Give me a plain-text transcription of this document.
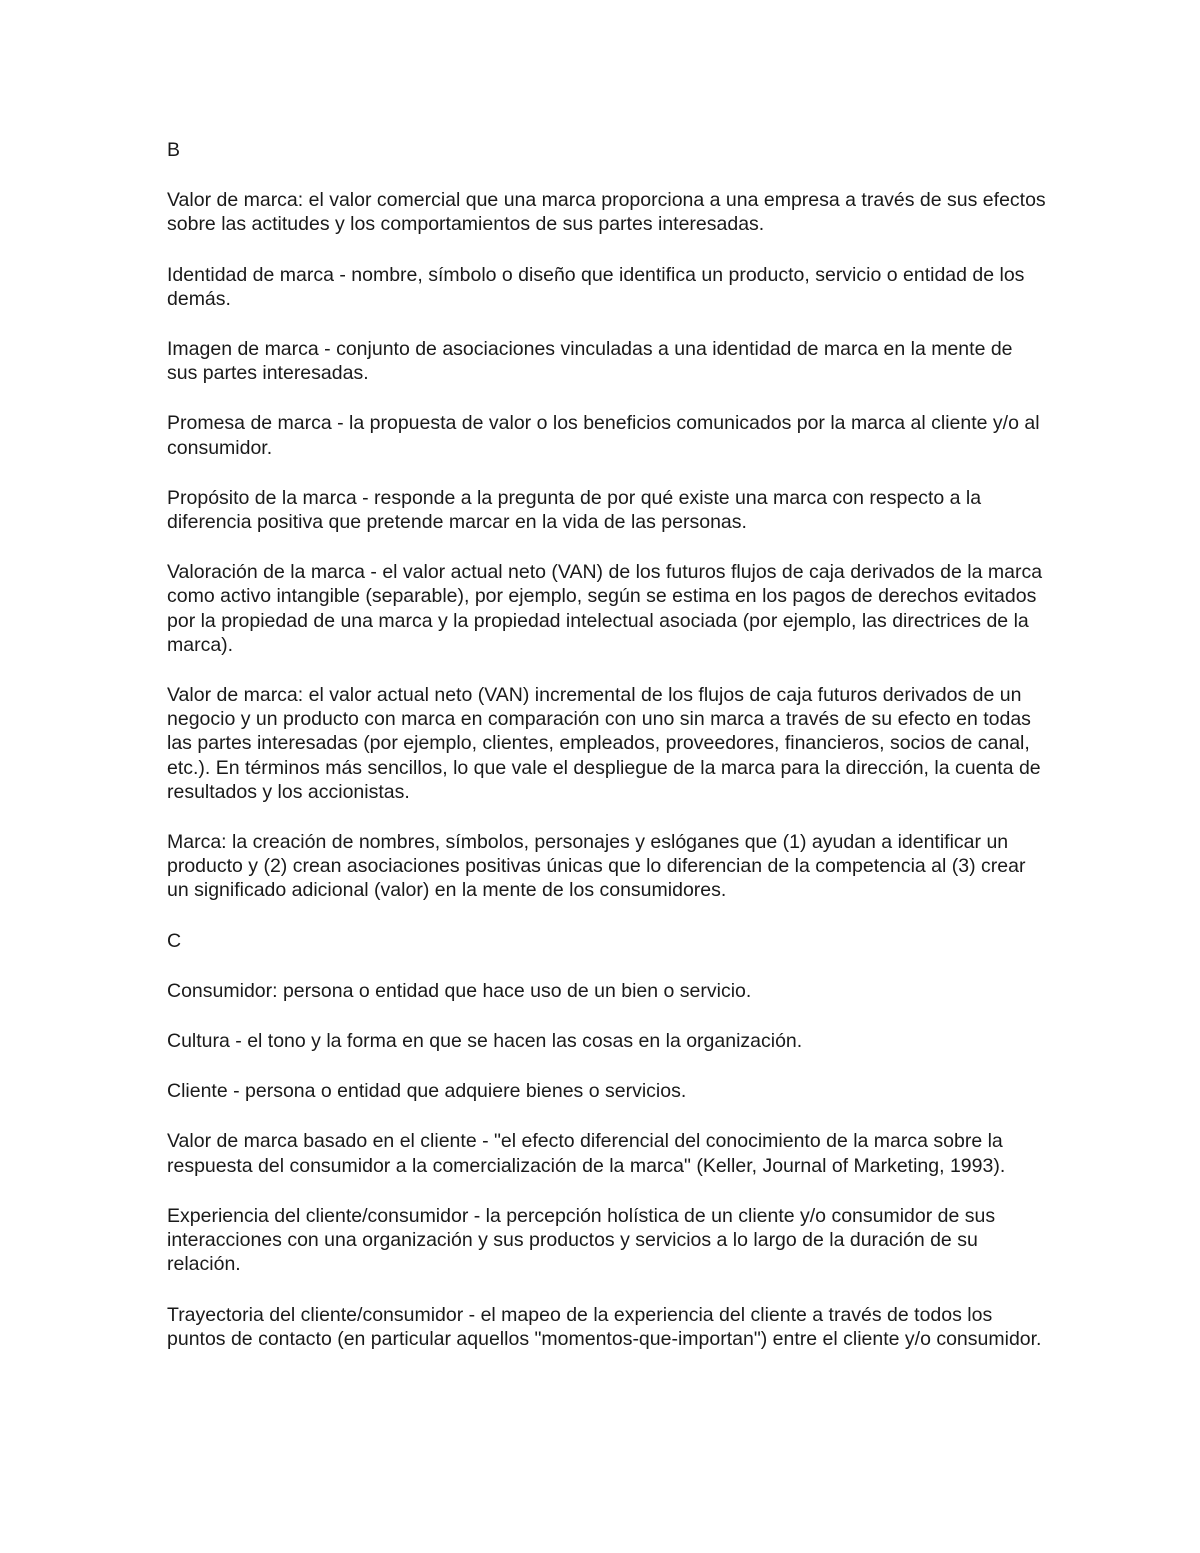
B
Valor de marca: el valor comercial que una marca proporciona a una empresa a través de sus efectos sobre las actitudes y los comportamientos de sus partes interesadas.
Identidad de marca - nombre, símbolo o diseño que identifica un producto, servicio o entidad de los demás.
Imagen de marca - conjunto de asociaciones vinculadas a una identidad de marca en la mente de sus partes interesadas.
Promesa de marca - la propuesta de valor o los beneficios comunicados por la marca al cliente y/o al consumidor.
Propósito de la marca - responde a la pregunta de por qué existe una marca con respecto a la diferencia positiva que pretende marcar en la vida de las personas.
Valoración de la marca - el valor actual neto (VAN) de los futuros flujos de caja derivados de la marca como activo intangible (separable), por ejemplo, según se estima en los pagos de derechos evitados por la propiedad de una marca y la propiedad intelectual asociada (por ejemplo, las directrices de la marca).
Valor de marca: el valor actual neto (VAN) incremental de los flujos de caja futuros derivados de un negocio y un producto con marca en comparación con uno sin marca a través de su efecto en todas las partes interesadas (por ejemplo, clientes, empleados, proveedores, financieros, socios de canal, etc.). En términos más sencillos, lo que vale el despliegue de la marca para la dirección, la cuenta de resultados y los accionistas.
Marca: la creación de nombres, símbolos, personajes y eslóganes que (1) ayudan a identificar un producto y (2) crean asociaciones positivas únicas que lo diferencian de la competencia al (3) crear un significado adicional (valor) en la mente de los consumidores.
C
Consumidor: persona o entidad que hace uso de un bien o servicio.
Cultura - el tono y la forma en que se hacen las cosas en la organización.
Cliente - persona o entidad que adquiere bienes o servicios.
Valor de marca basado en el cliente - "el efecto diferencial del conocimiento de la marca sobre la respuesta del consumidor a la comercialización de la marca" (Keller, Journal of Marketing, 1993).
Experiencia del cliente/consumidor - la percepción holística de un cliente y/o consumidor de sus interacciones con una organización y sus productos y servicios a lo largo de la duración de su relación.
Trayectoria del cliente/consumidor - el mapeo de la experiencia del cliente a través de todos los puntos de contacto (en particular aquellos "momentos-que-importan") entre el cliente y/o consumidor.
